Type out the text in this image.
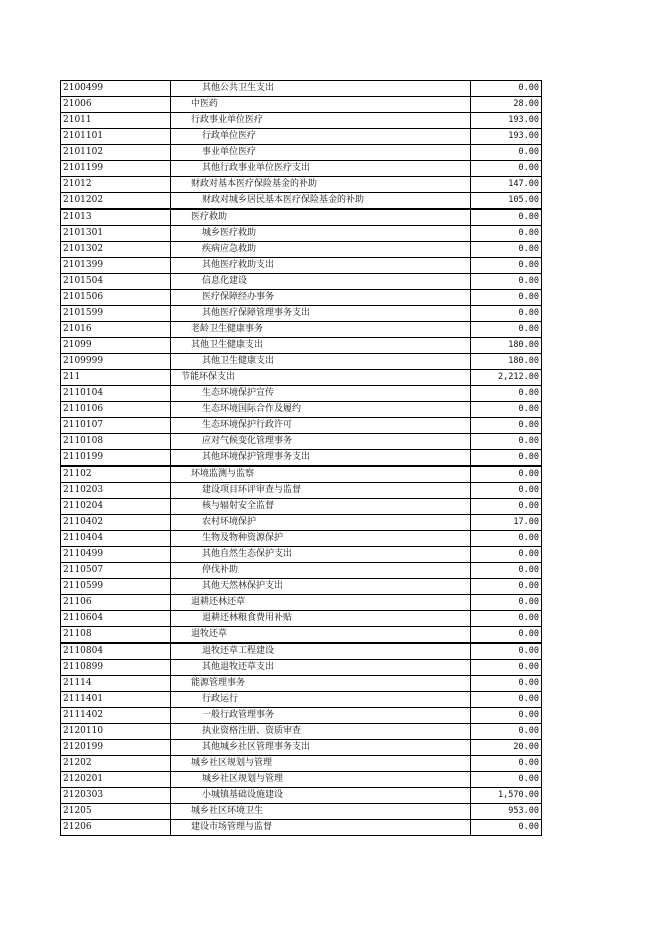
2100499	其他公共卫生支出	0.00
21006	中医药	28.00
21011	行政事业单位医疗	193.00
2101101	行政单位医疗	193.00
2101102	事业单位医疗	0.00
2101199	其他行政事业单位医疗支出	0.00
21012	财政对基本医疗保险基金的补助	147.00
2101202	财政对城乡居民基本医疗保险基金的补助	105.00
21013	医疗救助	0.00
2101301	城乡医疗救助	0.00
2101302	疾病应急救助	0.00
2101399	其他医疗救助支出	0.00
2101504	信息化建设	0.00
2101506	医疗保障经办事务	0.00
2101599	其他医疗保障管理事务支出	0.00
21016	老龄卫生健康事务	0.00
21099	其他卫生健康支出	180.00
2109999	其他卫生健康支出	180.00
211	节能环保支出	2,212.00
2110104	生态环境保护宣传	0.00
2110106	生态环境国际合作及履约	0.00
2110107	生态环境保护行政许可	0.00
2110108	应对气候变化管理事务	0.00
2110199	其他环境保护管理事务支出	0.00
21102	环境监测与监察	0.00
2110203	建设项目环评审查与监督	0.00
2110204	核与辐射安全监督	0.00
2110402	农村环境保护	17.00
2110404	生物及物种资源保护	0.00
2110499	其他自然生态保护支出	0.00
2110507	停伐补助	0.00
2110599	其他天然林保护支出	0.00
21106	退耕还林还草	0.00
2110604	退耕还林粮食费用补贴	0.00
21108	退牧还草	0.00
2110804	退牧还草工程建设	0.00
2110899	其他退牧还草支出	0.00
21114	能源管理事务	0.00
2111401	行政运行	0.00
2111402	一般行政管理事务	0.00
2120110	执业资格注册、资质审查	0.00
2120199	其他城乡社区管理事务支出	20.00
21202	城乡社区规划与管理	0.00
2120201	城乡社区规划与管理	0.00
2120303	小城镇基础设施建设	1,570.00
21205	城乡社区环境卫生	953.00
21206	建设市场管理与监督	0.00
